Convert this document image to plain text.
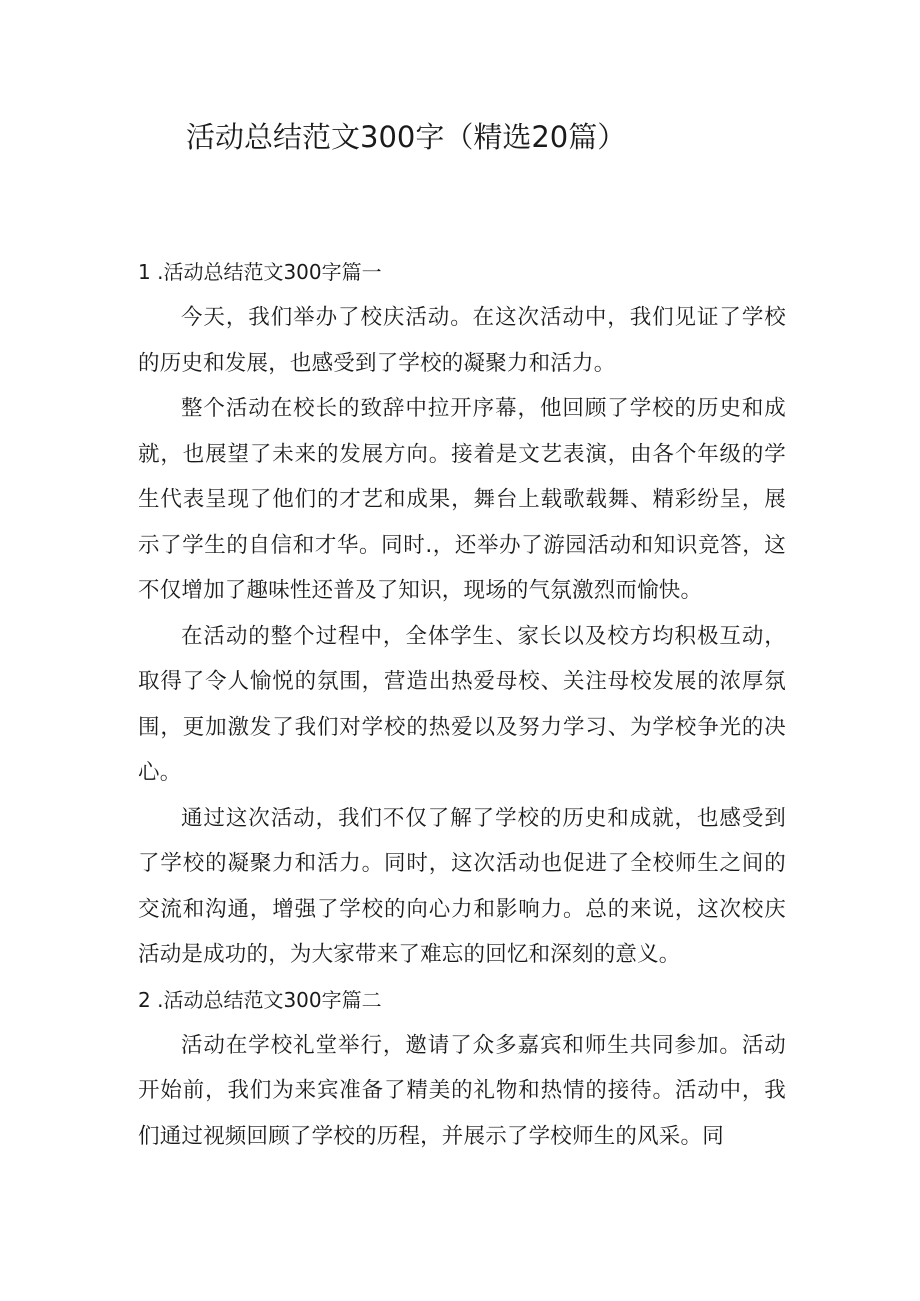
活动总结范文300字（精选20篇）

1 .活动总结范文300字篇一

今天，我们举办了校庆活动。在这次活动中，我们见证了学校的历史和发展，也感受到了学校的凝聚力和活力。

整个活动在校长的致辞中拉开序幕，他回顾了学校的历史和成就，也展望了未来的发展方向。接着是文艺表演，由各个年级的学生代表呈现了他们的才艺和成果，舞台上载歌载舞、精彩纷呈，展示了学生的自信和才华。同时.，还举办了游园活动和知识竞答，这不仅增加了趣味性还普及了知识，现场的气氛激烈而愉快。

在活动的整个过程中，全体学生、家长以及校方均积极互动，取得了令人愉悦的氛围，营造出热爱母校、关注母校发展的浓厚氛围，更加激发了我们对学校的热爱以及努力学习、为学校争光的决心。

通过这次活动，我们不仅了解了学校的历史和成就，也感受到了学校的凝聚力和活力。同时，这次活动也促进了全校师生之间的交流和沟通，增强了学校的向心力和影响力。总的来说，这次校庆活动是成功的，为大家带来了难忘的回忆和深刻的意义。

2 .活动总结范文300字篇二

活动在学校礼堂举行，邀请了众多嘉宾和师生共同参加。活动开始前，我们为来宾准备了精美的礼物和热情的接待。活动中，我们通过视频回顾了学校的历程，并展示了学校师生的风采。同
